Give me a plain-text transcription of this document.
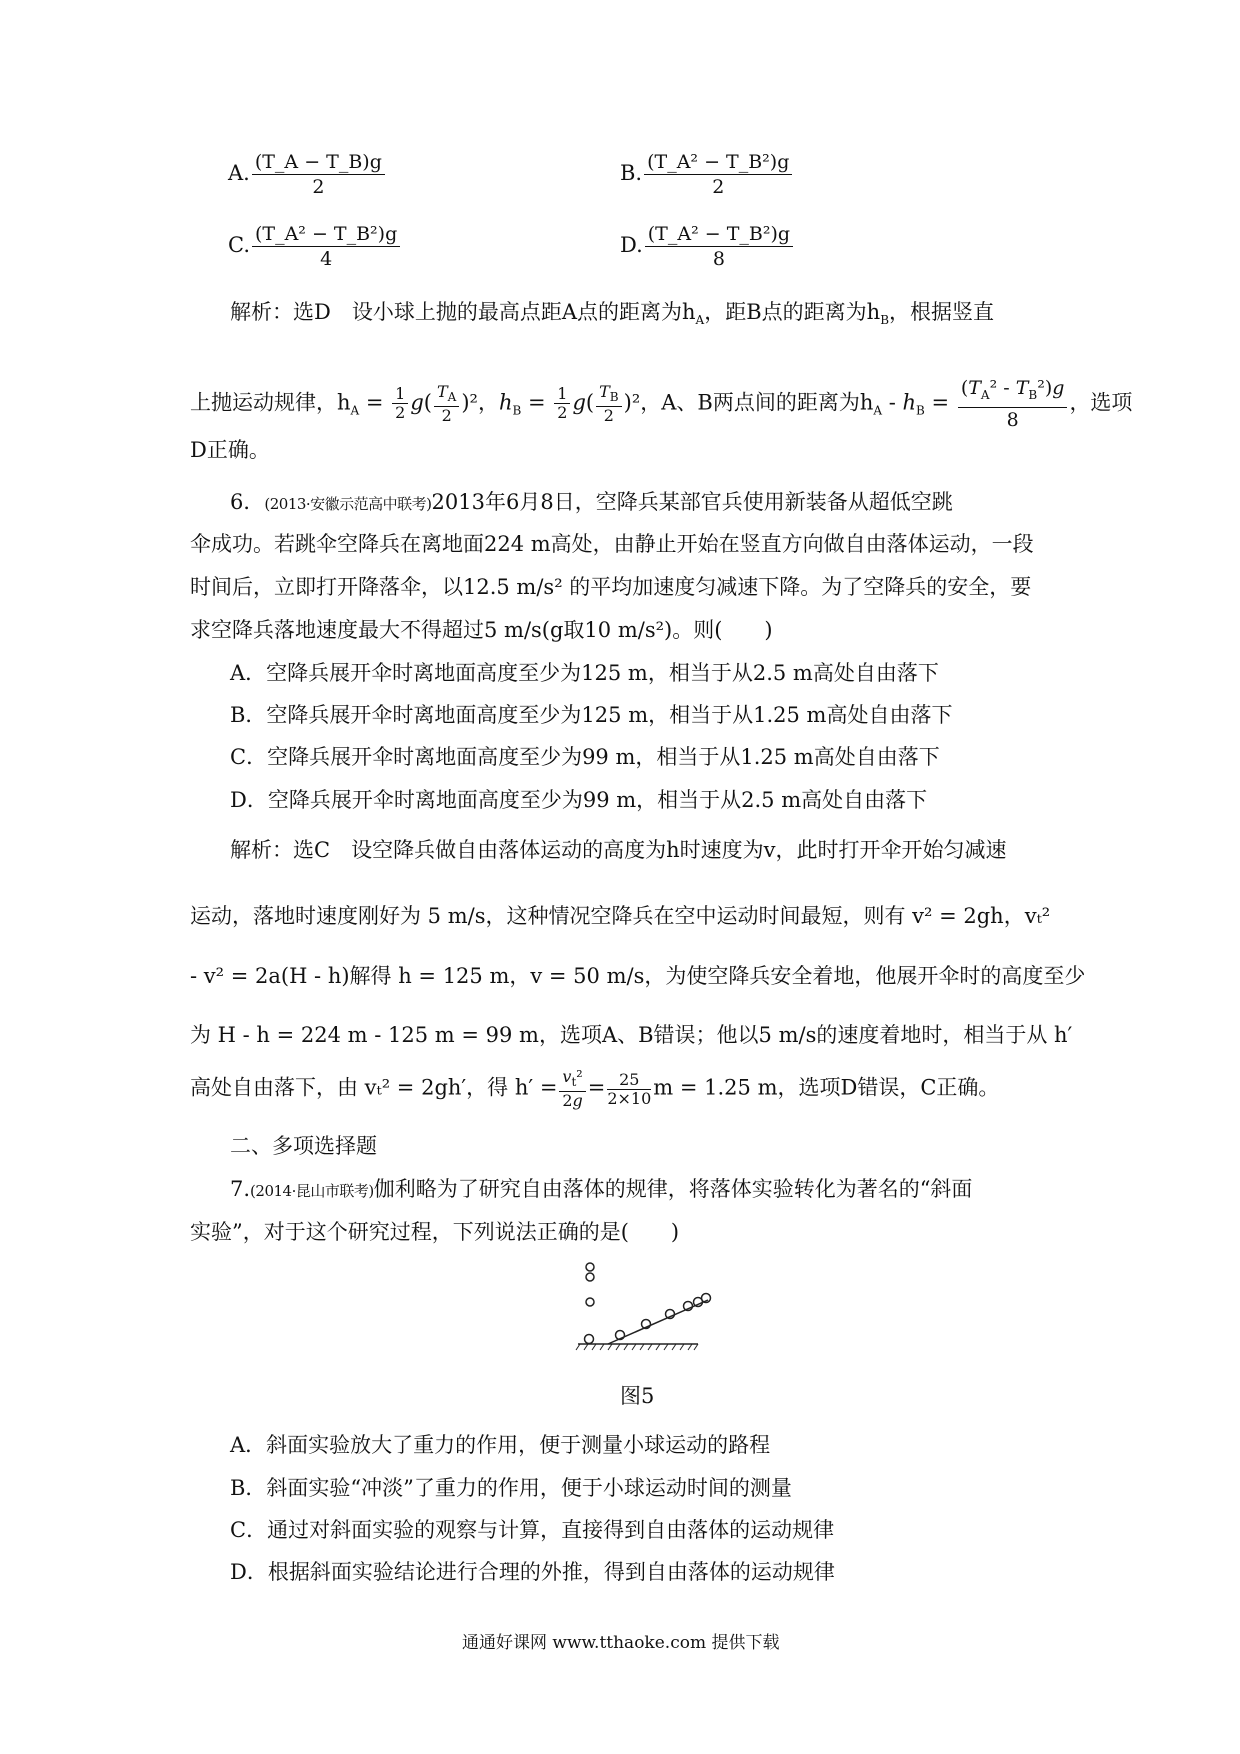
A. $\frac{(T\_A - T\_B)g}{2}$	B. $\frac{\text{(T\_A² − T\_B²)g}}{2}$
C. $\frac{\text{(T\_A² − T\_B²)g}}{4}$	D. $\frac{\text{(T\_A² − T\_B²)g}}{8}$
解析：选D　 设小球上抛的最高点距A点的距离为$h_A$，距B点的距离为$h_B$，根据竖直
上抛运动规律，$h_A = \frac{1}{2} g( \frac{T_A}{2} )^2$，$h_B = \frac{1}{2} g( \frac{T_B}{2} )^2$，A、B两点间的距离为$h_A - h_B = \frac{(T_A^2 - T_B^2)g}{8}$ ，选项
D正确。
6．(2013·安徽示范高中联考)2013年6月8日，空降兵某部官兵使用新装备从超低空跳
伞成功。若跳伞空降兵在离地面224 m高处，由静止开始在竖直方向做自由落体运动，一段
时间后，立即打开降落伞，以12.5 m/s² 的平均加速度匀减速下降。为了空降兵的安全，要
求空降兵落地速度最大不得超过5 m/s(g取10 m/s²)。则(　　)
A．空降兵展开伞时离地面高度至少为125 m，相当于从2.5 m高处自由落下
B．空降兵展开伞时离地面高度至少为125 m，相当于从1.25 m高处自由落下
C．空降兵展开伞时离地面高度至少为99 m，相当于从1.25 m高处自由落下
D．空降兵展开伞时离地面高度至少为99 m，相当于从2.5 m高处自由落下
解析：选C　 设空降兵做自由落体运动的高度为h时速度为v，此时打开伞开始匀减速
运动，落地时速度刚好为 5 m/s，这种情况空降兵在空中运动时间最短，则有 v² = 2gh，vₜ²
- v² = 2a(H - h)解得 h = 125 m，v = 50 m/s，为使空降兵安全着地，他展开伞时的高度至少
为 H - h = 224 m - 125 m = 99 m，选项A、B错误；他以5 m/s的速度着地时，相当于从 h′
高处自由落下，由 vₜ² = 2gh′，得 $h' = \frac{v_t^2}{2g} = \frac{25}{2\times 10}$ m = 1.25 m，选项D错误，C正确。
二、多项选择题
7.(2014·昆山市联考)伽利略为了研究自由落体的规律，将落体实验转化为著名的“斜面
实验”，对于这个研究过程，下列说法正确的是(　　)
图5
A．斜面实验放大了重力的作用，便于测量小球运动的路程
B．斜面实验“冲淡”了重力的作用，便于小球运动时间的测量
C．通过对斜面实验的观察与计算，直接得到自由落体的运动规律
D．根据斜面实验结论进行合理的外推，得到自由落体的运动规律
通通好课网 www.tthaoke.com 提供下载
